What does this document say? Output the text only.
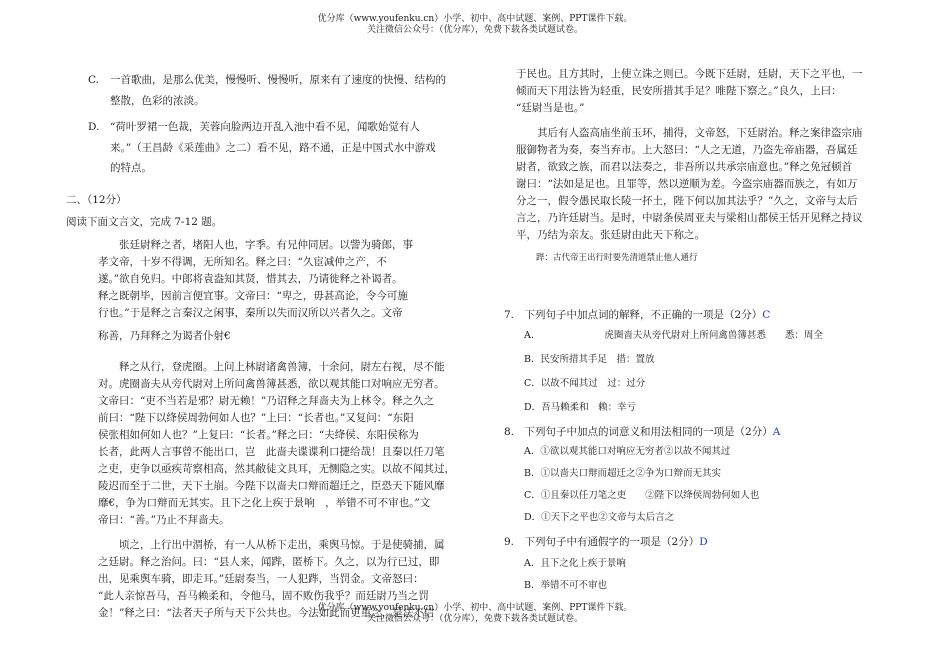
优分库（www.youfenku.cn）小学、初中、高中试题、案例、PPT课件下载。
关注微信公众号：（优分库），免费下载各类试题试卷。
C. 一首歌曲，是那么优美，慢慢听、慢慢听，原来有了速度的快慢、结构的
整散，色彩的浓淡。
D. “荷叶罗裙一色裁，芙蓉向脸两边开乱入池中看不见，闻歌始觉有人
来。”（王昌龄《采莲曲》之二）看不见，路不通，正是中国式水中游戏
的特点。
二、（12分）
阅读下面文言文，完成 7-12 题。
张廷尉释之者，堵阳人也，字季。有兄仲同居。以訾为骑郎，事
孝文帝，十岁不得调，无所知名。释之曰：“久宦减仲之产，不
遂。”欲自免归。中郎将袁盎知其贤，惜其去，乃请徙释之补谒者。
释之既朝毕，因前言便宜事。文帝曰：“卑之，毋甚高论，令今可施
行也。”于是释之言秦汉之闲事，秦所以失而汉所以兴者久之。文帝
称善，乃拜释之为谒者仆射€
释之从行，登虎圈。上问上林尉诸禽兽簿，十余问，尉左右视，尽不能
对。虎圈啬夫从旁代尉对上所问禽兽簿甚悉，欲以观其能口对响应无穷者。
文帝曰：“吏不当若是邪？尉无赖！”乃诏释之拜啬夫为上林令。释之久之
前曰：“陛下以绛侯周勃何如人也？”上曰：“长者也。”又复问：“东阳
侯张相如何如人也？”上复曰：“长者。”释之曰：“夫绛侯、东阳侯称为
长者，此两人言事曾不能出口，岂　此啬夫谍谍利口捷给哉！且秦以任刀笔
之吏，吏争以亟疾苛察相高，然其敝徒文具耳，无恻隐之实。以故不闻其过，
陵迟而至于二世，天下土崩。今陛下以啬夫口辩而超迁之，臣恐天下随风靡
靡€，争为口辩而无其实。且下之化上疾于景响　，举错不可不审也。”文
帝曰：“善。”乃止不拜啬夫。
顷之，上行出中渭桥，有一人从桥下走出，乘舆马惊。于是使骑捕，属
之廷尉。释之治问。曰：“县人来，闻跸，匿桥下。久之，以为行已过，即
出，见乘舆车骑，即走耳。”廷尉奏当，一人犯跸，当罚金。文帝怒曰：
“此人亲惊吾马，吾马赖柔和，令他马，固不败伤我乎？而廷尉乃当之罚
金！”释之曰：“法者天子所与天下公共也。今法如此而更重之，是法不信
于民也。且方其时，上使立诛之则已。今既下廷尉，廷尉，天下之平也，一
倾而天下用法皆为轻重，民安所措其手足？唯陛下察之。”良久，上曰：
“廷尉当是也。”
其后有人盗高庙坐前玉环，捕得，文帝怒，下廷尉治。释之案律盗宗庙
服御物者为奏，奏当弃市。上大怒曰：“人之无道，乃盗先帝庙器，吾属廷
尉者，欲致之族，而君以法奏之，非吾所以共承宗庙意也。”释之免冠顿首
谢曰：“法如是足也。且罪等，然以逆顺为差。今盗宗庙器而族之，有如万
分之一，假令愚民取长陵一抔土，陛下何以加其法乎？”久之，文帝与太后
言之，乃许廷尉当。是时，中尉条侯周亚夫与梁相山都侯王恬开见释之持议
平，乃结为亲友。张廷尉由此天下称之。
跸：古代帝王出行时要先清道禁止他人通行
7.　下列句子中加点词的解释，不正确的一项是（2分）C
A．	虎圈啬夫从旁代尉对上所问禽兽簿甚悉　　悉：周全
B．民安所措其手足　措：置放
C．以故不闻其过　过：过分
D．吾马赖柔和　赖：幸亏
8.　下列句子中加点的词意义和用法相同的一项是（2分）A
A．①欲以观其能口对响应无穷者②以故不闻其过
B．①以啬夫口辩而超迁之②争为口辩而无其实
C．①且秦以任刀笔之吏　　②陛下以绛侯周勃何如人也
D．①天下之平也②文帝与太后言之
9.　下列句子中有通假字的一项是（2分）D
A．且下之化上疾于景响
B．举错不可不审也
优分库（www.youfenku.cn）小学、初中、高中试题、案例、PPT课件下载。
关注微信公众号：（优分库），免费下载各类试题试卷。
